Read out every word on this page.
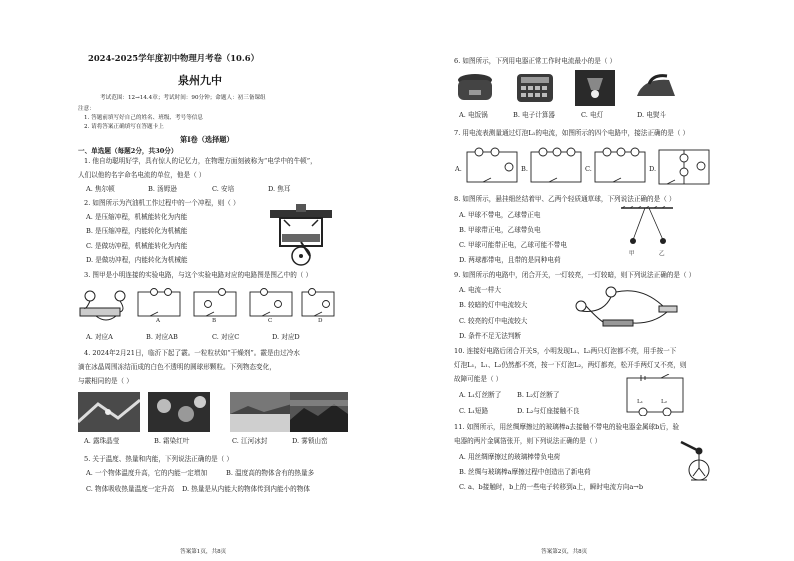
2024-2025学年度初中物理月考卷（10.6）
泉州九中
考试范围：12→14.4章；考试时间：90分钟；命题人：初三备课组
注意：
1. 答题前填写好自己的姓名、班级、考号等信息
2. 请将答案正确填写在答题卡上
第Ⅰ卷（选择题）
一、单选题（每题2分，共30分）
1. 他自幼聪明好学，具有惊人的记忆力，在物理方面刻被称为“电学中的牛顿”，
人们以他的名字命名电流的单位，他是（ ）
A. 焦尔顿	B. 汤姆逊	C. 安培	D. 焦耳
2. 如图所示为汽油机工作过程中的一个冲程，则（ ）
A. 是压缩冲程，机械能转化为内能
B. 是压缩冲程，内能转化为机械能
C. 是做功冲程，机械能转化为内能
D. 是做功冲程，内能转化为机械能
3. 图甲是小明连接的实验电路，与这个实验电路对应的电路图是图乙中的（ ）
A	B	C	D
A. 对应A	B. 对应AB	C. 对应C	D. 对应D
4. 2024年2月21日，临沂下起了霰。一粒粒状如“干燥剂”。霰是由过冷水
滴在冰晶周围冻结而成的白色不透明的圆球形颗粒。下列物态变化，
与霰相同的是（ ）
A. 露珠晶莹	B. 霜染红叶	C. 江河冰封	D. 雾锁山峦
5. 关于温度、热量和内能，下列说法正确的是（ ）
A. 一个物体温度升高，它的内能一定增加	B. 温度高的物体含有的热量多
C. 物体吸收热量温度一定升高 D. 热量是从内能大的物体传到内能小的物体
答案第1页，共8页
6. 如图所示，下列用电器正常工作时电流最小的是（ ）
A. 电饭锅	B. 电子计算器	C. 电灯	D. 电熨斗
7. 用电流表测量通过灯泡L₁的电流，如图所示的四个电路中，接法正确的是（ ）
A.	B.	C.	D.
8. 如图所示，悬挂细丝结着甲、乙两个轻质通草球，下列说法正确的是（ ）
A. 甲球不带电，乙球带正电
B. 甲球带正电，乙球带负电
C. 甲球可能带正电，乙球可能不带电
D. 两球都带电，且带的是同种电荷
甲	乙
9. 如图所示的电路中，闭合开关，一灯较亮，一灯较暗，则下列说法正确的是（ ）
A. 电流一样大
B. 较暗的灯中电流较大
C. 较亮的灯中电流较大
D. 条件不足无法判断
10. 连接好电路后闭合开关S，小明发现L₁、L₂两只灯泡都不亮，用手按一下
灯泡L₁，L₁、L₂仍然都不亮，按一下灯泡L₂，两灯都亮，松开手两灯又不亮，则
故障可能是（ ）
A. L₁灯丝断了 B. L₂灯丝断了
C. L₁短路	D. L₂与灯座接触不良
L₁	L₂
11. 如图所示，用丝绸摩擦过的玻璃棒a去接触不带电的验电器金属球b后，验
电器的两片金属箔张开，则下列说法正确的是（ ）
A. 用丝绸摩擦过的玻璃棒带负电荷
B. 丝绸与玻璃棒a摩擦过程中创造出了新电荷
C. a、b接触时，b上的一些电子转移到a上，瞬时电流方向a→b
答案第2页，共8页
